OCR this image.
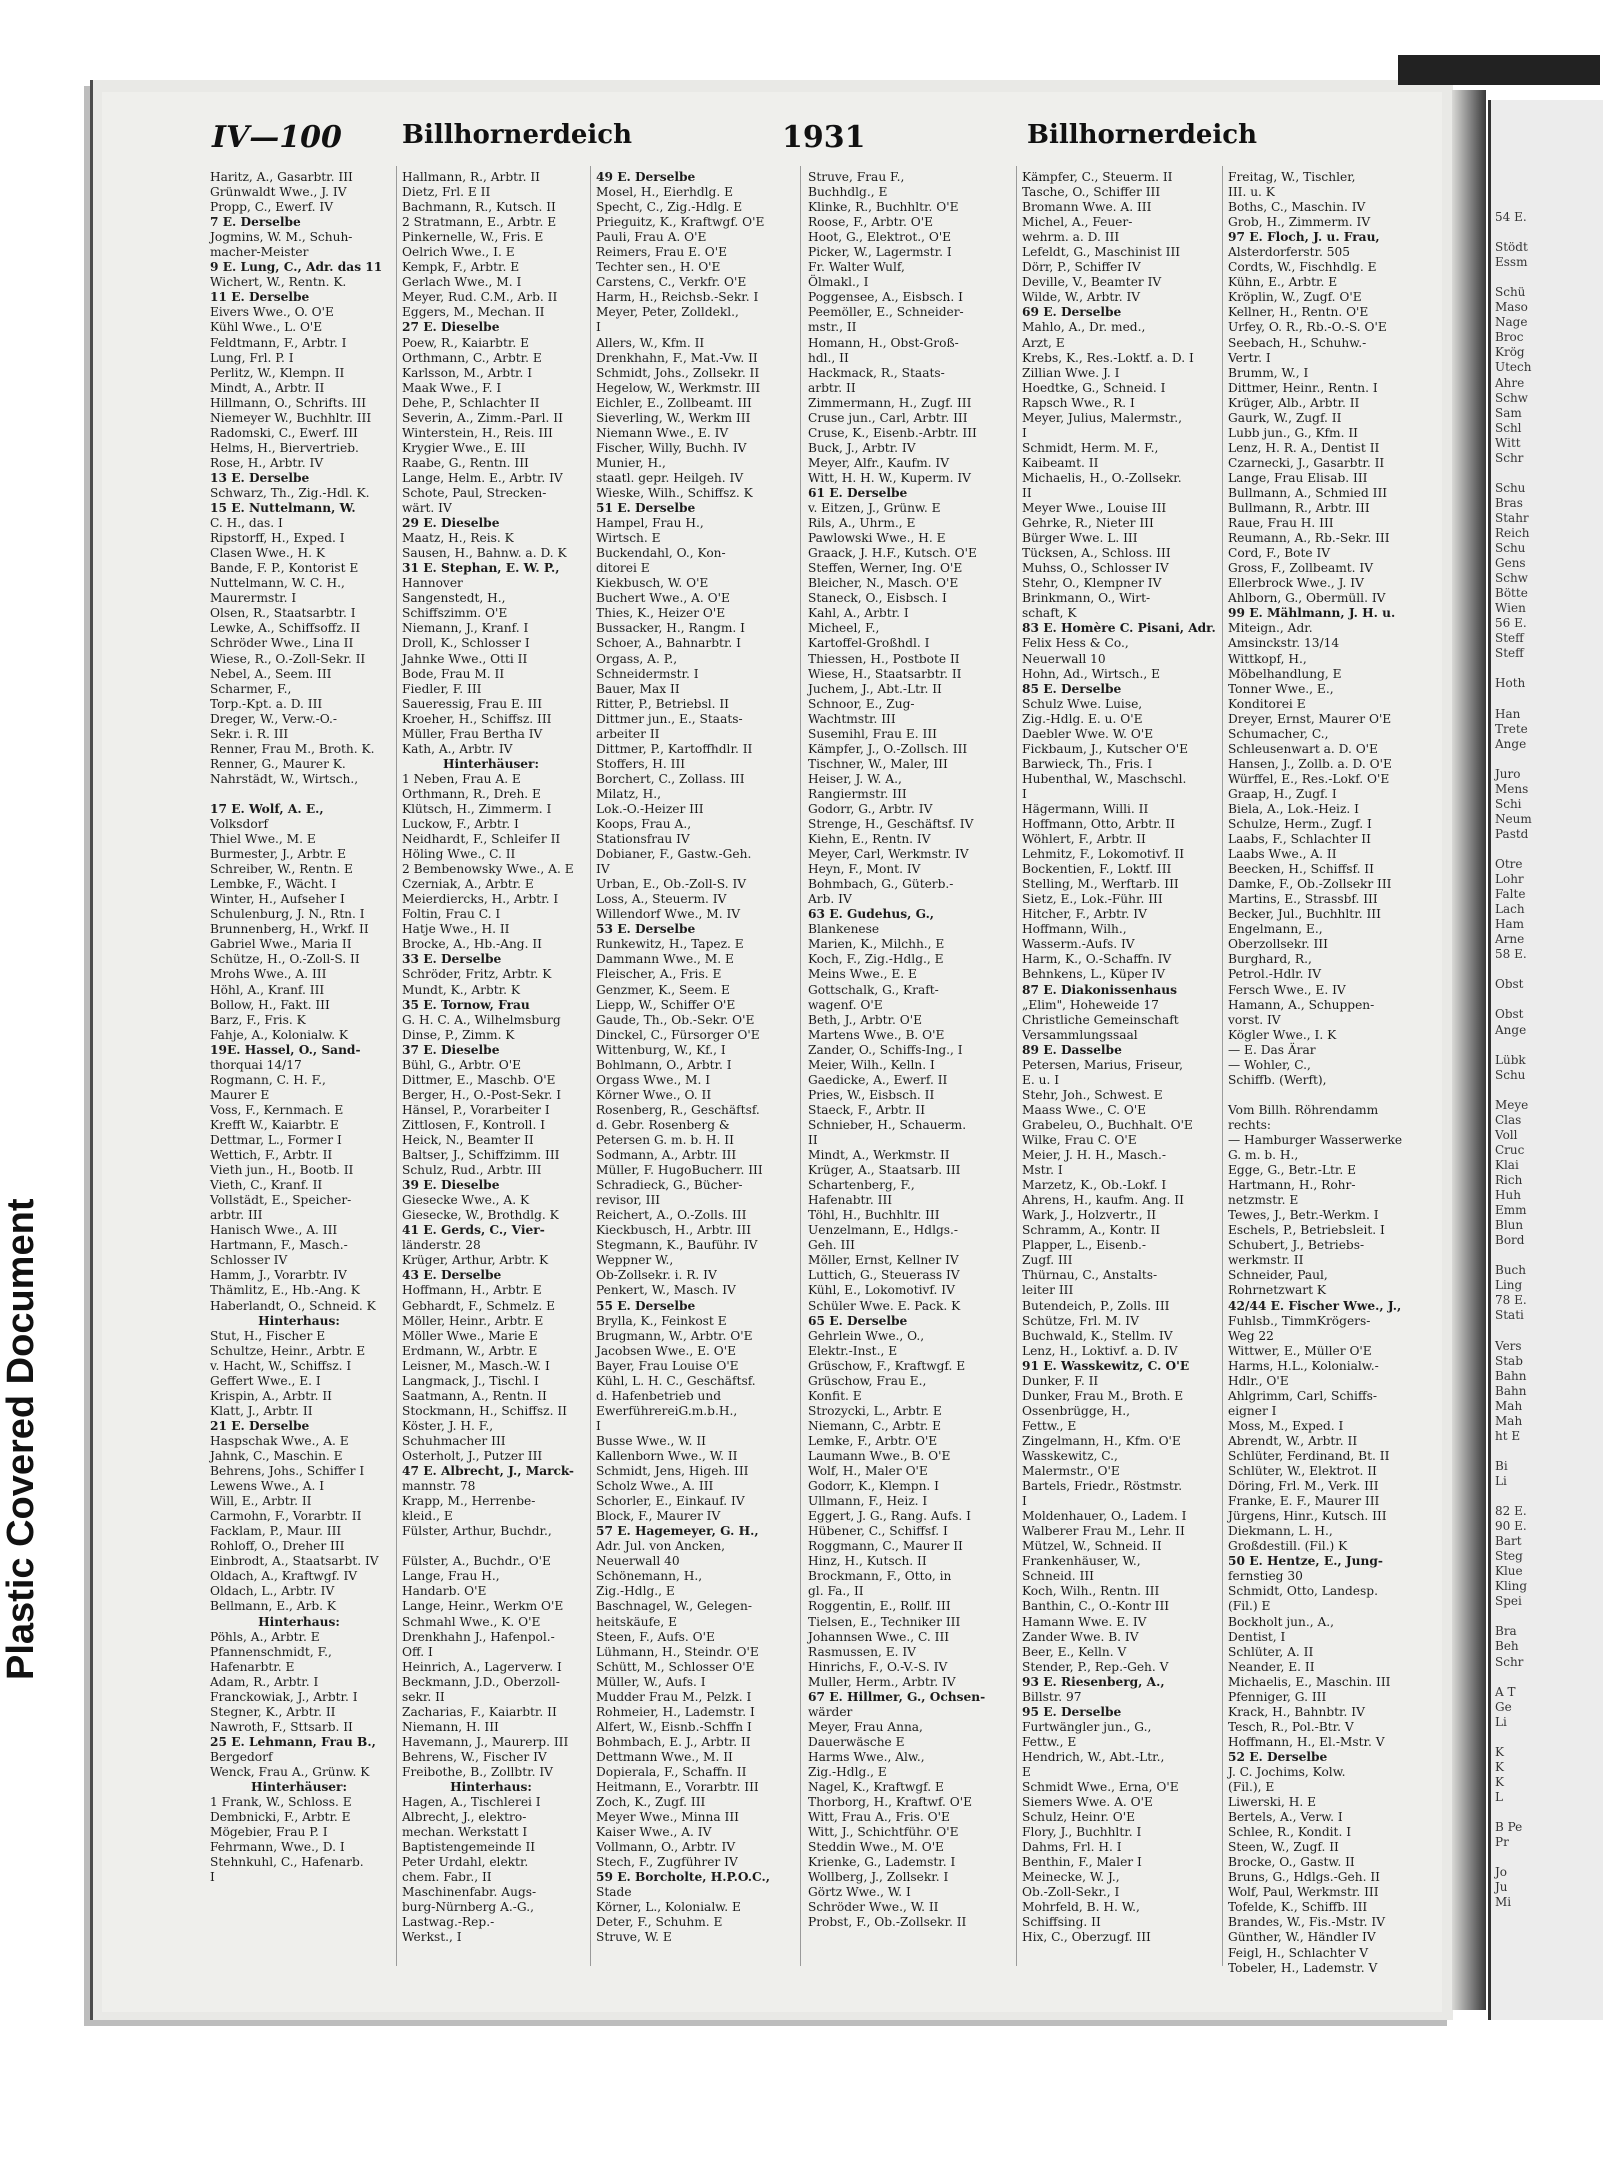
54 E.

Stödt
Essm

Schü
Maso
Nage
Broc
Krög
Utech
Ahre
Schw
Sam
Schl
Witt
Schr

Schu
Bras
Stahr
Reich
Schu
Gens
Schw
Bötte
Wien
56 E.
Steff
Steff

Hoth

Han
Trete
Ange

Juro
Mens
Schi
Neum
Pastd

Otre
Lohr
Falte
Lach
Ham
Arne
58 E.

Obst

Obst
Ange

Lübk
Schu

Meye
Clas
Voll
Cruc
Klai
Rich
Huh
Emm
Blun
Bord

Buch
Ling
78 E.
Stati

Vers
Stab
Bahn
Bahn
Mah
Mah
ht E

Bi
Li

82 E.
90 E.
Bart
Steg
Klue
Kling
Spei

Bra
Beh
Schr

A T
Ge
Li

K
K
K
L

B Pe
Pr

Jo
Ju
Mi
Plastic Covered Document
IV—100 Billhornerdeich	1931	Billhornerdeich
Haritz, A., Gasarbtr. III
Grünwaldt Wwe., J. IV
Propp, C., Ewerf. IV
7 E. Derselbe
Jogmins, W. M., Schuh-
macher-Meister
9 E. Lung, C., Adr. das 11
Wichert, W., Rentn. K.
11 E. Derselbe
Eivers Wwe., O. O'E
Kühl Wwe., L. O'E
Feldtmann, F., Arbtr. I
Lung, Frl. P. I
Perlitz, W., Klempn. II
Mindt, A., Arbtr. II
Hillmann, O., Schrifts. III
Niemeyer W., Buchhltr. III
Radomski, C., Ewerf. III
Helms, H., Biervertrieb.
Rose, H., Arbtr. IV
13 E. Derselbe
Schwarz, Th., Zig.-Hdl. K.
15 E. Nuttelmann, W.
C. H., das. I
Ripstorff, H., Exped. I
Clasen Wwe., H. K
Bande, F. P., Kontorist E
Nuttelmann, W. C. H.,
Maurermstr. I
Olsen, R., Staatsarbtr. I
Lewke, A., Schiffsoffz. II
Schröder Wwe., Lina II
Wiese, R., O.-Zoll-Sekr. II
Nebel, A., Seem. III
Scharmer, F.,
Torp.-Kpt. a. D. III
Dreger, W., Verw.-O.-
Sekr. i. R. III
Renner, Frau M., Broth. K.
Renner, G., Maurer K.
Nahrstädt, W., Wirtsch.,

17 E. Wolf, A. E.,
Volksdorf
Thiel Wwe., M. E
Burmester, J., Arbtr. E
Schreiber, W., Rentn. E
Lembke, F., Wächt. I
Winter, H., Aufseher I
Schulenburg, J. N., Rtn. I
Brunnenberg, H., Wrkf. II
Gabriel Wwe., Maria II
Schütze, H., O.-Zoll-S. II
Mrohs Wwe., A. III
Höhl, A., Kranf. III
Bollow, H., Fakt. III
Barz, F., Fris. K
Fahje, A., Kolonialw. K
19E. Hassel, O., Sand-
thorquai 14/17
Rogmann, C. H. F.,
Maurer E
Voss, F., Kernmach. E
Krefft W., Kaiarbtr. E
Dettmar, L., Former I
Wettich, F., Arbtr. II
Vieth jun., H., Bootb. II
Vieth, C., Kranf. II
Vollstädt, E., Speicher-
arbtr. III
Hanisch Wwe., A. III
Hartmann, F., Masch.-
Schlosser IV
Hamm, J., Vorarbtr. IV
Thämlitz, E., Hb.-Ang. K
Haberlandt, O., Schneid. K
Hinterhaus:
Stut, H., Fischer E
Schultze, Heinr., Arbtr. E
v. Hacht, W., Schiffsz. I
Geffert Wwe., E. I
Krispin, A., Arbtr. II
Klatt, J., Arbtr. II
21 E. Derselbe
Haspschak Wwe., A. E
Jahnk, C., Maschin. E
Behrens, Johs., Schiffer I
Lewens Wwe., A. I
Will, E., Arbtr. II
Carmohn, F., Vorarbtr. II
Facklam, P., Maur. III
Rohloff, O., Dreher III
Einbrodt, A., Staatsarbt. IV
Oldach, A., Kraftwgf. IV
Oldach, L., Arbtr. IV
Bellmann, E., Arb. K
Hinterhaus:
Pöhls, A., Arbtr. E
Pfannenschmidt, F.,
Hafenarbtr. E
Adam, R., Arbtr. I
Franckowiak, J., Arbtr. I
Stegner, K., Arbtr. II
Nawroth, F., Sttsarb. II
25 E. Lehmann, Frau B.,
Bergedorf
Wenck, Frau A., Grünw. K
Hinterhäuser:
1 Frank, W., Schloss. E
Dembnicki, F., Arbtr. E
Mögebier, Frau P. I
Fehrmann, Wwe., D. I
Stehnkuhl, C., Hafenarb.
I
Hallmann, R., Arbtr. II
Dietz, Frl. E II
Bachmann, R., Kutsch. II
2 Stratmann, E., Arbtr. E
Pinkernelle, W., Fris. E
Oelrich Wwe., I. E
Kempk, F., Arbtr. E
Gerlach Wwe., M. I
Meyer, Rud. C.M., Arb. II
Eggers, M., Mechan. II
27 E. Dieselbe
Poew, R., Kaiarbtr. E
Orthmann, C., Arbtr. E
Karlsson, M., Arbtr. I
Maak Wwe., F. I
Dehe, P., Schlachter II
Severin, A., Zimm.-Parl. II
Winterstein, H., Reis. III
Krygier Wwe., E. III
Raabe, G., Rentn. III
Lange, Helm. E., Arbtr. IV
Schote, Paul, Strecken-
wärt. IV
29 E. Dieselbe
Maatz, H., Reis. K
Sausen, H., Bahnw. a. D. K
31 E. Stephan, E. W. P.,
Hannover
Sangenstedt, H.,
Schiffszimm. O'E
Niemann, J., Kranf. I
Droll, K., Schlosser I
Jahnke Wwe., Otti II
Bode, Frau M. II
Fiedler, F. III
Saueressig, Frau E. III
Kroeher, H., Schiffsz. III
Müller, Frau Bertha IV
Kath, A., Arbtr. IV
Hinterhäuser:
1 Neben, Frau A. E
Orthmann, R., Dreh. E
Klütsch, H., Zimmerm. I
Luckow, F., Arbtr. I
Neidhardt, F., Schleifer II
Höling Wwe., C. II
2 Bembenowsky Wwe., A. E
Czerniak, A., Arbtr. E
Meierdiercks, H., Arbtr. I
Foltin, Frau C. I
Hatje Wwe., H. II
Brocke, A., Hb.-Ang. II
33 E. Derselbe
Schröder, Fritz, Arbtr. K
Mundt, K., Arbtr. K
35 E. Tornow, Frau
G. H. C. A., Wilhelmsburg
Dinse, P., Zimm. K
37 E. Dieselbe
Bühl, G., Arbtr. O'E
Dittmer, E., Maschb. O'E
Berger, H., O.-Post-Sekr. I
Hänsel, P., Vorarbeiter I
Zittlosen, F., Kontroll. I
Heick, N., Beamter II
Baltser, J., Schiffzimm. III
Schulz, Rud., Arbtr. III
39 E. Dieselbe
Giesecke Wwe., A. K
Giesecke, W., Brothdlg. K
41 E. Gerds, C., Vier-
länderstr. 28
Krüger, Arthur, Arbtr. K
43 E. Derselbe
Hoffmann, H., Arbtr. E
Gebhardt, F., Schmelz. E
Möller, Heinr., Arbtr. E
Möller Wwe., Marie E
Erdmann, W., Arbtr. E
Leisner, M., Masch.-W. I
Langmack, J., Tischl. I
Saatmann, A., Rentn. II
Stockmann, H., Schiffsz. II
Köster, J. H. F.,
Schuhmacher III
Osterholt, J., Putzer III
47 E. Albrecht, J., Marck-
mannstr. 78
Krapp, M., Herrenbe-
kleid., E
Fülster, Arthur, Buchdr.,

Fülster, A., Buchdr., O'E
Lange, Frau H.,
Handarb. O'E
Lange, Heinr., Werkm O'E
Schmahl Wwe., K. O'E
Drenkhahn J., Hafenpol.-
Off. I
Heinrich, A., Lagerverw. I
Beckmann, J.D., Oberzoll-
sekr. II
Zacharias, F., Kaiarbtr. II
Niemann, H. III
Havemann, J., Maurerp. III
Behrens, W., Fischer IV
Freibothe, B., Zollbtr. IV
Hinterhaus:
Hagen, A., Tischlerei I
Albrecht, J., elektro-
mechan. Werkstatt I
Baptistengemeinde II
Peter Urdahl, elektr.
chem. Fabr., II
Maschinenfabr. Augs-
burg-Nürnberg A.-G.,
Lastwag.-Rep.-
Werkst., I
49 E. Derselbe
Mosel, H., Eierhdlg. E
Specht, C., Zig.-Hdlg. E
Prieguitz, K., Kraftwgf. O'E
Pauli, Frau A. O'E
Reimers, Frau E. O'E
Techter sen., H. O'E
Carstens, C., Verkfr. O'E
Harm, H., Reichsb.-Sekr. I
Meyer, Peter, Zolldekl.,
I
Allers, W., Kfm. II
Drenkhahn, F., Mat.-Vw. II
Schmidt, Johs., Zollsekr. II
Hegelow, W., Werkmstr. III
Eichler, E., Zollbeamt. III
Sieverling, W., Werkm III
Niemann Wwe., E. IV
Fischer, Willy, Buchh. IV
Munier, H.,
staatl. gepr. Heilgeh. IV
Wieske, Wilh., Schiffsz. K
51 E. Derselbe
Hampel, Frau H.,
Wirtsch. E
Buckendahl, O., Kon-
ditorei E
Kiekbusch, W. O'E
Buchert Wwe., A. O'E
Thies, K., Heizer O'E
Bussacker, H., Rangm. I
Schoer, A., Bahnarbtr. I
Orgass, A. P.,
Schneidermstr. I
Bauer, Max II
Ritter, P., Betriebsl. II
Dittmer jun., E., Staats-
arbeiter II
Dittmer, P., Kartoffhdlr. II
Stoffers, H. III
Borchert, C., Zollass. III
Milatz, H.,
Lok.-O.-Heizer III
Koops, Frau A.,
Stationsfrau IV
Dobianer, F., Gastw.-Geh.
IV
Urban, E., Ob.-Zoll-S. IV
Loss, A., Steuerm. IV
Willendorf Wwe., M. IV
53 E. Derselbe
Runkewitz, H., Tapez. E
Dammann Wwe., M. E
Fleischer, A., Fris. E
Genzmer, K., Seem. E
Liepp, W., Schiffer O'E
Gaude, Th., Ob.-Sekr. O'E
Dinckel, C., Fürsorger O'E
Wittenburg, W., Kf., I
Bohlmann, O., Arbtr. I
Orgass Wwe., M. I
Körner Wwe., O. II
Rosenberg, R., Geschäftsf.
d. Gebr. Rosenberg &
Petersen G. m. b. H. II
Sodmann, A., Arbtr. III
Müller, F. HugoBucherr. III
Schradieck, G., Bücher-
revisor, III
Reichert, A., O.-Zolls. III
Kieckbusch, H., Arbtr. III
Stegmann, K., Bauführ. IV
Weppner W.,
Ob-Zollsekr. i. R. IV
Penkert, W., Masch. IV
55 E. Derselbe
Brylla, K., Feinkost E
Brugmann, W., Arbtr. O'E
Jacobsen Wwe., E. O'E
Bayer, Frau Louise O'E
Kühl, L. H. C., Geschäftsf.
d. Hafenbetrieb und
EwerführereiG.m.b.H.,
I
Busse Wwe., W. II
Kallenborn Wwe., W. II
Schmidt, Jens, Higeh. III
Scholz Wwe., A. III
Schorler, E., Einkauf. IV
Block, F., Maurer IV
57 E. Hagemeyer, G. H.,
Adr. Jul. von Ancken,
Neuerwall 40
Schönemann, H.,
Zig.-Hdlg., E
Baschnagel, W., Gelegen-
heitskäufe, E
Steen, F., Aufs. O'E
Lühmann, H., Steindr. O'E
Schütt, M., Schlosser O'E
Müller, W., Aufs. I
Mudder Frau M., Pelzk. I
Rohmeier, H., Lademstr. I
Alfert, W., Eisnb.-Schffn I
Bohmbach, E. J., Arbtr. II
Dettmann Wwe., M. II
Dopierala, F., Schaffn. II
Heitmann, E., Vorarbtr. III
Zoch, K., Zugf. III
Meyer Wwe., Minna III
Kaiser Wwe., A. IV
Vollmann, O., Arbtr. IV
Stech, F., Zugführer IV
59 E. Borcholte, H.P.O.C.,
Stade
Körner, L., Kolonialw. E
Deter, F., Schuhm. E
Struve, W. E
Struve, Frau F.,
Buchhdlg., E
Klinke, R., Buchhltr. O'E
Roose, F., Arbtr. O'E
Hoot, G., Elektrot., O'E
Picker, W., Lagermstr. I
Fr. Walter Wulf,
Ölmakl., I
Poggensee, A., Eisbsch. I
Peemöller, E., Schneider-
mstr., II
Homann, H., Obst-Groß-
hdl., II
Hackmack, R., Staats-
arbtr. II
Zimmermann, H., Zugf. III
Cruse jun., Carl, Arbtr. III
Cruse, K., Eisenb.-Arbtr. III
Buck, J., Arbtr. IV
Meyer, Alfr., Kaufm. IV
Witt, H. H. W., Kuperm. IV
61 E. Derselbe
v. Eitzen, J., Grünw. E
Rils, A., Uhrm., E
Pawlowski Wwe., H. E
Graack, J. H.F., Kutsch. O'E
Steffen, Werner, Ing. O'E
Bleicher, N., Masch. O'E
Staneck, O., Eisbsch. I
Kahl, A., Arbtr. I
Micheel, F.,
Kartoffel-Großhdl. I
Thiessen, H., Postbote II
Wiese, H., Staatsarbtr. II
Juchem, J., Abt.-Ltr. II
Schnoor, E., Zug-
Wachtmstr. III
Susemihl, Frau E. III
Kämpfer, J., O.-Zollsch. III
Tischner, W., Maler, III
Heiser, J. W. A.,
Rangiermstr. III
Godorr, G., Arbtr. IV
Strenge, H., Geschäftsf. IV
Kiehn, E., Rentn. IV
Meyer, Carl, Werkmstr. IV
Heyn, F., Mont. IV
Bohmbach, G., Güterb.-
Arb. IV
63 E. Gudehus, G.,
Blankenese
Marien, K., Milchh., E
Koch, F., Zig.-Hdlg., E
Meins Wwe., E. E
Gottschalk, G., Kraft-
wagenf. O'E
Beth, J., Arbtr. O'E
Martens Wwe., B. O'E
Zander, O., Schiffs-Ing., I
Meier, Wilh., Kelln. I
Gaedicke, A., Ewerf. II
Pries, W., Eisbsch. II
Staeck, F., Arbtr. II
Schnieber, H., Schauerm.
II
Mindt, A., Werkmstr. II
Krüger, A., Staatsarb. III
Schartenberg, F.,
Hafenabtr. III
Töhl, H., Buchhltr. III
Uenzelmann, E., Hdlgs.-
Geh. III
Möller, Ernst, Kellner IV
Luttich, G., Steuerass IV
Kühl, E., Lokomotivf. IV
Schüler Wwe. E. Pack. K
65 E. Derselbe
Gehrlein Wwe., O.,
Elektr.-Inst., E
Grüschow, F., Kraftwgf. E
Grüschow, Frau E.,
Konfit. E
Strozycki, L., Arbtr. E
Niemann, C., Arbtr. E
Lemke, F., Arbtr. O'E
Laumann Wwe., B. O'E
Wolf, H., Maler O'E
Godorr, K., Klempn. I
Ullmann, F., Heiz. I
Eggert, J. G., Rang. Aufs. I
Hübener, C., Schiffsf. I
Roggmann, C., Maurer II
Hinz, H., Kutsch. II
Brockmann, F., Otto, in
gl. Fa., II
Roggentin, E., Rollf. III
Tielsen, E., Techniker III
Johannsen Wwe., C. III
Rasmussen, E. IV
Hinrichs, F., O.-V.-S. IV
Muller, Herm., Arbtr. IV
67 E. Hillmer, G., Ochsen-
wärder
Meyer, Frau Anna,
Dauerwäsche E
Harms Wwe., Alw.,
Zig.-Hdlg., E
Nagel, K., Kraftwgf. E
Thorborg, H., Kraftwf. O'E
Witt, Frau A., Fris. O'E
Witt, J., Schichtführ. O'E
Steddin Wwe., M. O'E
Krienke, G., Lademstr. I
Wollberg, J., Zollsekr. I
Görtz Wwe., W. I
Schröder Wwe., W. II
Probst, F., Ob.-Zollsekr. II
Kämpfer, C., Steuerm. II
Tasche, O., Schiffer III
Bromann Wwe. A. III
Michel, A., Feuer-
wehrm. a. D. III
Lefeldt, G., Maschinist III
Dörr, P., Schiffer IV
Deville, V., Beamter IV
Wilde, W., Arbtr. IV
69 E. Derselbe
Mahlo, A., Dr. med.,
Arzt, E
Krebs, K., Res.-Loktf. a. D. I
Zillian Wwe. J. I
Hoedtke, G., Schneid. I
Rapsch Wwe., R. I
Meyer, Julius, Malermstr.,
I
Schmidt, Herm. M. F.,
Kaibeamt. II
Michaelis, H., O.-Zollsekr.
II
Meyer Wwe., Louise III
Gehrke, R., Nieter III
Bürger Wwe. L. III
Tücksen, A., Schloss. III
Muhss, O., Schlosser IV
Stehr, O., Klempner IV
Brinkmann, O., Wirt-
schaft, K
83 E. Homère C. Pisani, Adr.
Felix Hess & Co.,
Neuerwall 10
Hohn, Ad., Wirtsch., E
85 E. Derselbe
Schulz Wwe. Luise,
Zig.-Hdlg. E. u. O'E
Daebler Wwe. W. O'E
Fickbaum, J., Kutscher O'E
Barwieck, Th., Fris. I
Hubenthal, W., Maschschl.
I
Hägermann, Willi. II
Hoffmann, Otto, Arbtr. II
Wöhlert, F., Arbtr. II
Lehmitz, F., Lokomotivf. II
Bockentien, F., Loktf. III
Stelling, M., Werftarb. III
Sietz, E., Lok.-Führ. III
Hitcher, F., Arbtr. IV
Hoffmann, Wilh.,
Wasserm.-Aufs. IV
Harm, K., O.-Schaffn. IV
Behnkens, L., Küper IV
87 E. Diakonissenhaus
„Elim", Hoheweide 17
Christliche Gemeinschaft
Versammlungssaal
89 E. Dasselbe
Petersen, Marius, Friseur,
E. u. I
Stehr, Joh., Schwest. E
Maass Wwe., C. O'E
Grabeleu, O., Buchhalt. O'E
Wilke, Frau C. O'E
Meier, J. H. H., Masch.-
Mstr. I
Marzetz, K., Ob.-Lokf. I
Ahrens, H., kaufm. Ang. II
Wark, J., Holzvertr., II
Schramm, A., Kontr. II
Plapper, L., Eisenb.-
Zugf. III
Thürnau, C., Anstalts-
leiter III
Butendeich, P., Zolls. III
Schütze, Frl. M. IV
Buchwald, K., Stellm. IV
Lenz, H., Loktivf. a. D. IV
91 E. Wasskewitz, C. O'E
Dunker, F. II
Dunker, Frau M., Broth. E
Ossenbrügge, H.,
Fettw., E
Zingelmann, H., Kfm. O'E
Wasskewitz, C.,
Malermstr., O'E
Bartels, Friedr., Röstmstr.
I
Moldenhauer, O., Ladem. I
Walberer Frau M., Lehr. II
Mützel, W., Schneid. II
Frankenhäuser, W.,
Schneid. III
Koch, Wilh., Rentn. III
Banthin, C., O.-Kontr III
Hamann Wwe. E. IV
Zander Wwe. B. IV
Beer, E., Kelln. V
Stender, P., Rep.-Geh. V
93 E. Riesenberg, A.,
Billstr. 97
95 E. Derselbe
Furtwängler jun., G.,
Fettw., E
Hendrich, W., Abt.-Ltr.,
E
Schmidt Wwe., Erna, O'E
Siemers Wwe. A. O'E
Schulz, Heinr. O'E
Flory, J., Buchhltr. I
Dahms, Frl. H. I
Benthin, F., Maler I
Meinecke, W. J.,
Ob.-Zoll-Sekr., I
Mohrfeld, B. H. W.,
Schiffsing. II
Hix, C., Oberzugf. III
Freitag, W., Tischler,
III. u. K
Boths, C., Maschin. IV
Grob, H., Zimmerm. IV
97 E. Floch, J. u. Frau,
Alsterdorferstr. 505
Cordts, W., Fischhdlg. E
Kühn, E., Arbtr. E
Kröplin, W., Zugf. O'E
Kellner, H., Rentn. O'E
Urfey, O. R., Rb.-O.-S. O'E
Seebach, H., Schuhw.-
Vertr. I
Brumm, W., I
Dittmer, Heinr., Rentn. I
Krüger, Alb., Arbtr. II
Gaurk, W., Zugf. II
Lubb jun., G., Kfm. II
Lenz, H. R. A., Dentist II
Czarnecki, J., Gasarbtr. II
Lange, Frau Elisab. III
Bullmann, A., Schmied III
Bullmann, R., Arbtr. III
Raue, Frau H. III
Reumann, A., Rb.-Sekr. III
Cord, F., Bote IV
Gross, F., Zollbeamt. IV
Ellerbrock Wwe., J. IV
Ahlborn, G., Obermüll. IV
99 E. Mählmann, J. H. u.
Miteign., Adr.
Amsinckstr. 13/14
Wittkopf, H.,
Möbelhandlung, E
Tonner Wwe., E.,
Konditorei E
Dreyer, Ernst, Maurer O'E
Schumacher, C.,
Schleusenwart a. D. O'E
Hansen, J., Zollb. a. D. O'E
Würffel, E., Res.-Lokf. O'E
Graap, H., Zugf. I
Biela, A., Lok.-Heiz. I
Schulze, Herm., Zugf. I
Laabs, F., Schlachter II
Laabs Wwe., A. II
Beecken, H., Schiffsf. II
Damke, F., Ob.-Zollsekr III
Martins, E., Strassbf. III
Becker, Jul., Buchhltr. III
Engelmann, E.,
Oberzollsekr. III
Burghard, R.,
Petrol.-Hdlr. IV
Fersch Wwe., E. IV
Hamann, A., Schuppen-
vorst. IV
Kögler Wwe., I. K
— E. Das Ärar
— Wohler, C.,
Schiffb. (Werft),

Vom Billh. Röhrendamm
rechts:
— Hamburger Wasserwerke
G. m. b. H.,
Egge, G., Betr.-Ltr. E
Hartmann, H., Rohr-
netzmstr. E
Tewes, J., Betr.-Werkm. I
Eschels, P., Betriebsleit. I
Schubert, J., Betriebs-
werkmstr. II
Schneider, Paul,
Rohrnetzwart K
42/44 E. Fischer Wwe., J.,
Fuhlsb., TimmKrögers-
Weg 22
Wittwer, E., Müller O'E
Harms, H.L., Kolonialw.-
Hdlr., O'E
Ahlgrimm, Carl, Schiffs-
eigner I
Moss, M., Exped. I
Abrendt, W., Arbtr. II
Schlüter, Ferdinand, Bt. II
Schlüter, W., Elektrot. II
Döring, Frl. M., Verk. III
Franke, E. F., Maurer III
Jürgens, Hinr., Kutsch. III
Diekmann, L. H.,
Großdestill. (Fil.) K
50 E. Hentze, E., Jung-
fernstieg 30
Schmidt, Otto, Landesp.
(Fil.) E
Bockholt jun., A.,
Dentist, I
Schlüter, A. II
Neander, E. II
Michaelis, E., Maschin. III
Pfenniger, G. III
Krack, H., Bahnbtr. IV
Tesch, R., Pol.-Btr. V
Hoffmann, H., El.-Mstr. V
52 E. Derselbe
J. C. Jochims, Kolw.
(Fil.), E
Liwerski, H. E
Bertels, A., Verw. I
Schlee, R., Kondit. I
Steen, W., Zugf. II
Brocke, O., Gastw. II
Bruns, G., Hdlgs.-Geh. II
Wolf, Paul, Werkmstr. III
Tofelde, K., Schiffb. III
Brandes, W., Fis.-Mstr. IV
Günther, W., Händler IV
Feigl, H., Schlachter V
Tobeler, H., Lademstr. V
